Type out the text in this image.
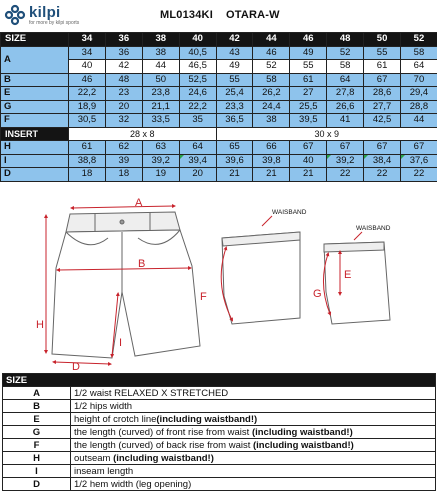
kilpi
for more by kilpi sports
ML0134KI OTARA-W
SIZE	34	36	38	40	42	44	46	48	50	52
A	34	36	38	40,5	43	46	49	52	55	58
	40	42	44	46,5	49	52	55	58	61	64
B	46	48	50	52,5	55	58	61	64	67	70
E	22,2	23	23,8	24,6	25,4	26,2	27	27,8	28,6	29,4
G	18,9	20	21,1	22,2	23,3	24,4	25,5	26,6	27,7	28,8
F	30,5	32	33,5	35	36,5	38	39,5	41	42,5	44
INSERT	28 x 8				30 x 9					
H	61	62	63	64	65	66	67	67	67	67
I	38,8	39	39,2	39,4	39,6	39,8	40	39,2	38,4	37,6
D	18	18	19	20	21	21	21	22	22	22
A
B
H
I
D
E
F	G
WAISBAND
WAISBAND
SIZE	
A	1/2 waist RELAXED X STRETCHED
B	1/2 hips width
E	height of crotch line(including waistband!)
G	the length (curved) of front rise from waist (including waistband!)
F	the length (curved) of back rise from waist (including waistband!)
H	outseam (including waistband!)
I	inseam length
D	1/2 hem width (leg opening)
